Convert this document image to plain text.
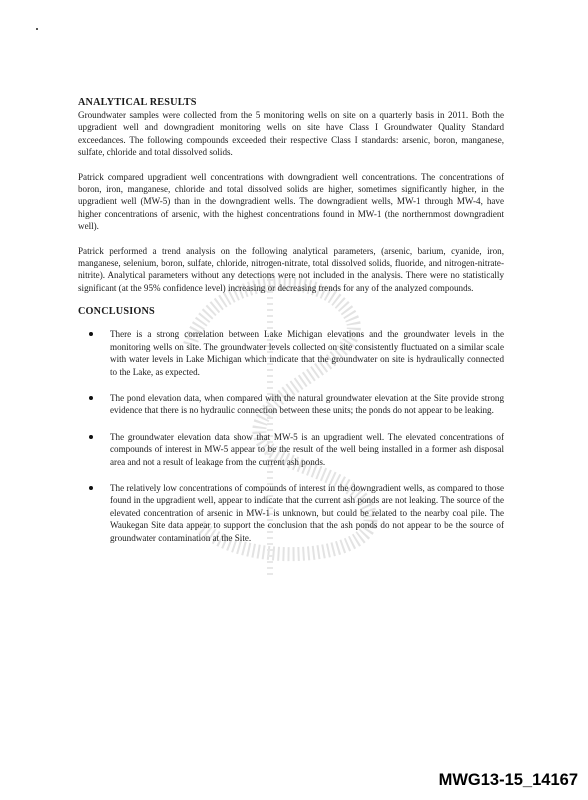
ANALYTICAL RESULTS

Groundwater samples were collected from the 5 monitoring wells on site on a quarterly basis in 2011. Both the upgradient well and downgradient monitoring wells on site have Class I Groundwater Quality Standard exceedances. The following compounds exceeded their respective Class I standards: arsenic, boron, manganese, sulfate, chloride and total dissolved solids.

Patrick compared upgradient well concentrations with downgradient well concentrations. The concentrations of boron, iron, manganese, chloride and total dissolved solids are higher, sometimes significantly higher, in the upgradient well (MW-5) than in the downgradient wells. The downgradient wells, MW-1 through MW-4, have higher concentrations of arsenic, with the highest concentrations found in MW-1 (the northernmost downgradient well).

Patrick performed a trend analysis on the following analytical parameters, (arsenic, barium, cyanide, iron, manganese, selenium, boron, sulfate, chloride, nitrogen-nitrate, total dissolved solids, fluoride, and nitrogen-nitrate-nitrite). Analytical parameters without any detections were not included in the analysis. There were no statistically significant (at the 95% confidence level) increasing or decreasing trends for any of the analyzed compounds.

CONCLUSIONS

There is a strong correlation between Lake Michigan elevations and the groundwater levels in the monitoring wells on site. The groundwater levels collected on site consistently fluctuated on a similar scale with water levels in Lake Michigan which indicate that the groundwater on site is hydraulically connected to the Lake, as expected.

The pond elevation data, when compared with the natural groundwater elevation at the Site provide strong evidence that there is no hydraulic connection between these units; the ponds do not appear to be leaking.

The groundwater elevation data show that MW-5 is an upgradient well. The elevated concentrations of compounds of interest in MW-5 appear to be the result of the well being installed in a former ash disposal area and not a result of leakage from the current ash ponds.

The relatively low concentrations of compounds of interest in the downgradient wells, as compared to those found in the upgradient well, appear to indicate that the current ash ponds are not leaking. The source of the elevated concentration of arsenic in MW-1 is unknown, but could be related to the nearby coal pile. The Waukegan Site data appear to support the conclusion that the ash ponds do not appear to be the source of groundwater contamination at the Site.

MWG13-15_14167
